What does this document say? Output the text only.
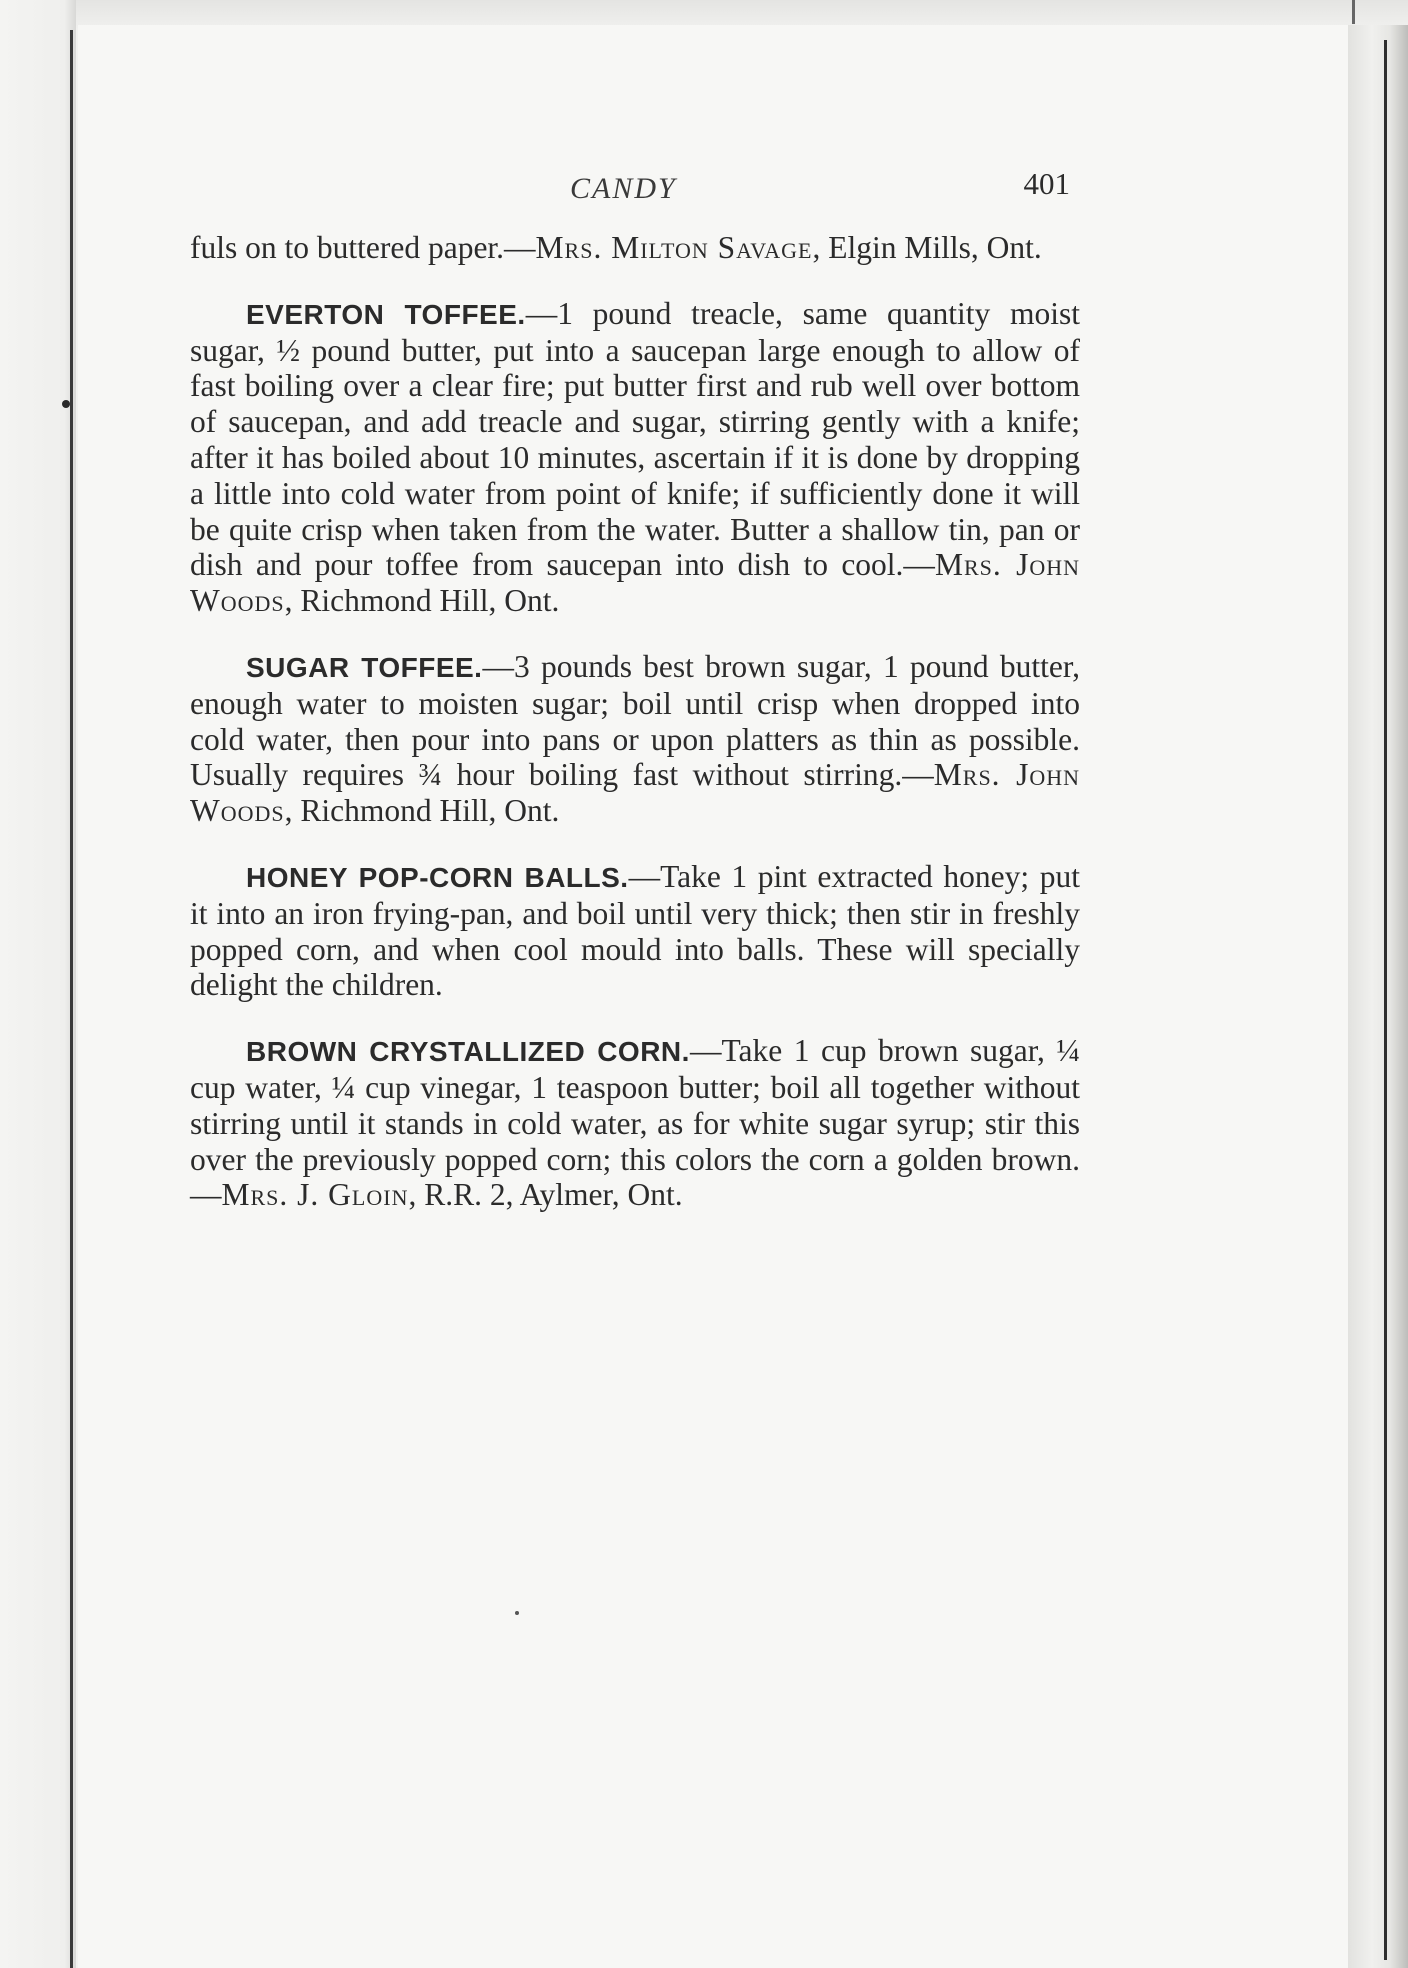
CANDY	401

fuls on to buttered paper.—Mrs. Milton Savage, Elgin Mills, Ont.

EVERTON TOFFEE.—1 pound treacle, same quantity moist sugar, ½ pound butter, put into a saucepan large enough to allow of fast boiling over a clear fire; put butter first and rub well over bottom of saucepan, and add treacle and sugar, stirring gently with a knife; after it has boiled about 10 minutes, ascertain if it is done by dropping a little into cold water from point of knife; if sufficiently done it will be quite crisp when taken from the water. Butter a shallow tin, pan or dish and pour toffee from saucepan into dish to cool.—Mrs. John Woods, Richmond Hill, Ont.

SUGAR TOFFEE.—3 pounds best brown sugar, 1 pound butter, enough water to moisten sugar; boil until crisp when dropped into cold water, then pour into pans or upon platters as thin as possible. Usually requires ¾ hour boiling fast without stirring.—Mrs. John Woods, Richmond Hill, Ont.

HONEY POP-CORN BALLS.—Take 1 pint extracted honey; put it into an iron frying-pan, and boil until very thick; then stir in freshly popped corn, and when cool mould into balls. These will specially delight the children.

BROWN CRYSTALLIZED CORN.—Take 1 cup brown sugar, ¼ cup water, ¼ cup vinegar, 1 teaspoon butter; boil all together without stirring until it stands in cold water, as for white sugar syrup; stir this over the previously popped corn; this colors the corn a golden brown.—Mrs. J. Gloin, R.R. 2, Aylmer, Ont.
